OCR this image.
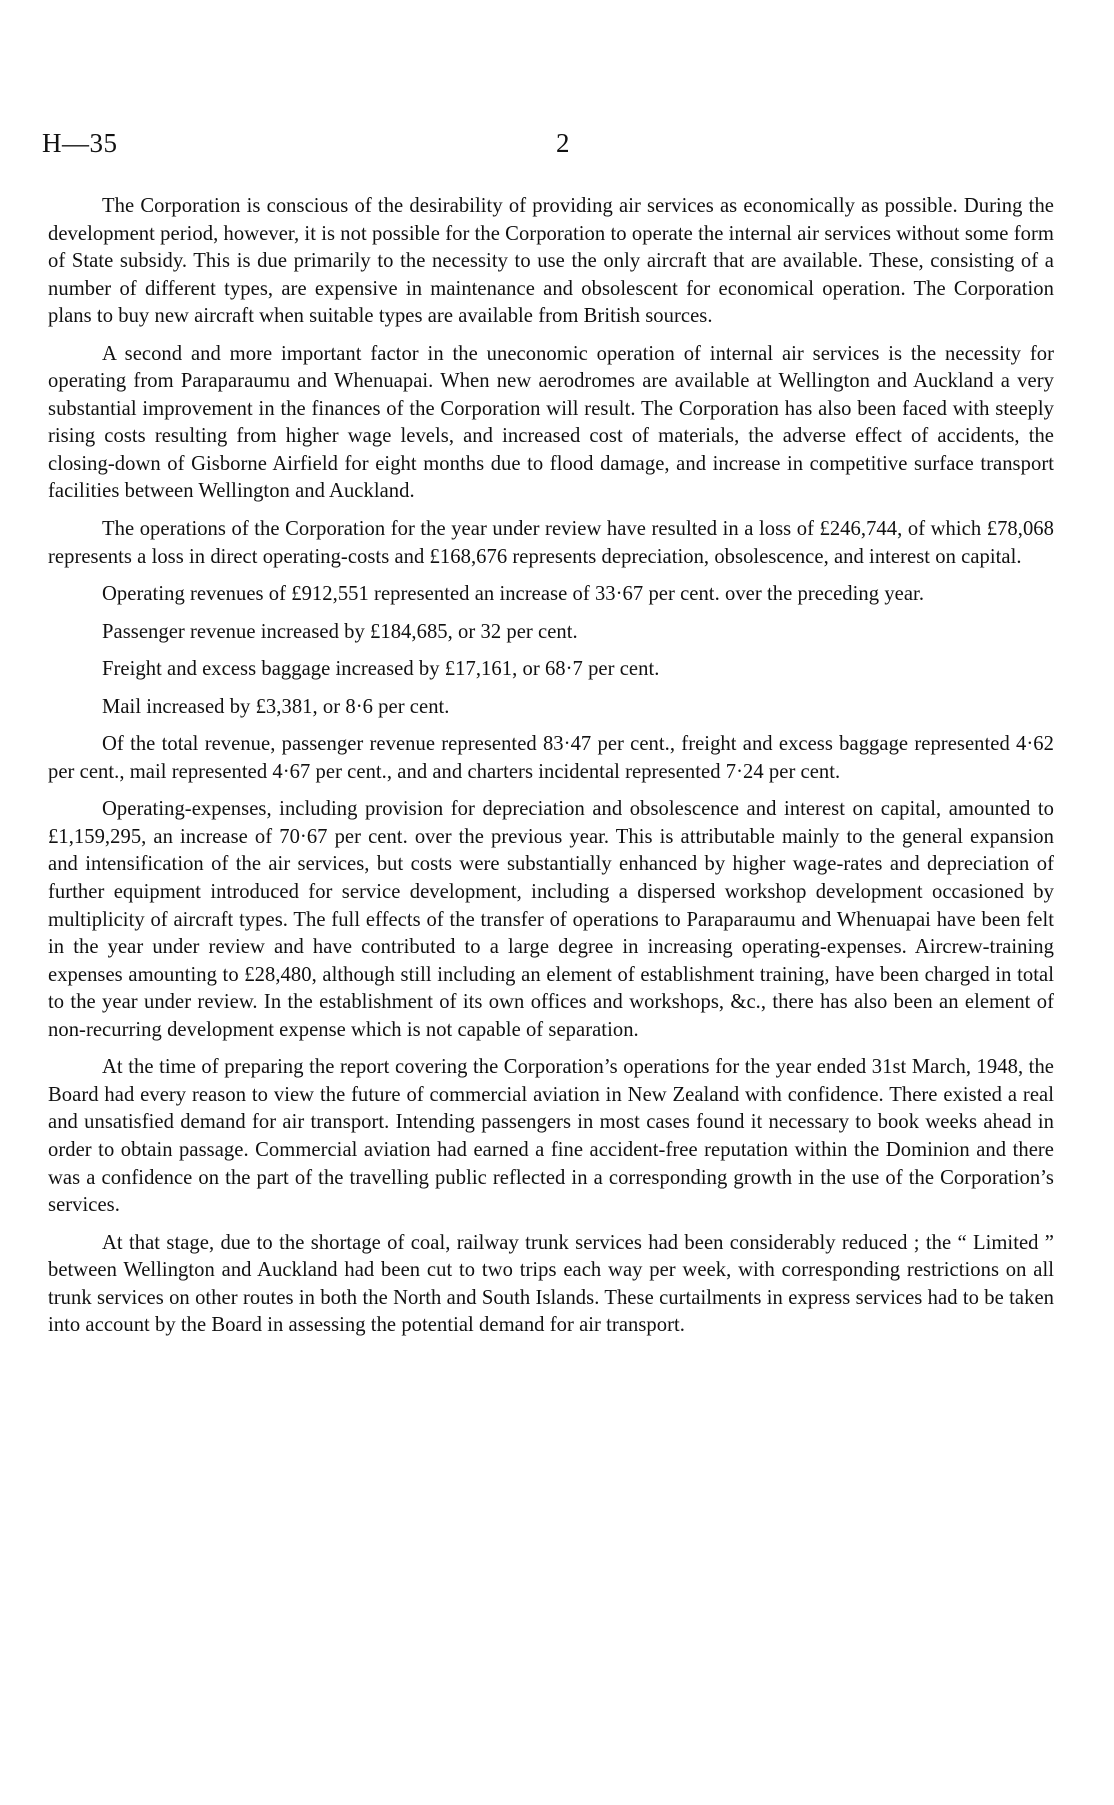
H—35	2

The Corporation is conscious of the desirability of providing air services as economically as possible. During the development period, however, it is not possible for the Corporation to operate the internal air services without some form of State subsidy. This is due primarily to the necessity to use the only aircraft that are available. These, consisting of a number of different types, are expensive in maintenance and obsolescent for economical operation. The Corporation plans to buy new aircraft when suitable types are available from British sources.

A second and more important factor in the uneconomic operation of internal air services is the necessity for operating from Paraparaumu and Whenuapai. When new aerodromes are available at Wellington and Auckland a very substantial improvement in the finances of the Corporation will result. The Corporation has also been faced with steeply rising costs resulting from higher wage levels, and increased cost of materials, the adverse effect of accidents, the closing-down of Gisborne Airfield for eight months due to flood damage, and increase in competitive surface transport facilities between Wellington and Auckland.

The operations of the Corporation for the year under review have resulted in a loss of £246,744, of which £78,068 represents a loss in direct operating-costs and £168,676 represents depreciation, obsolescence, and interest on capital.

Operating revenues of £912,551 represented an increase of 33·67 per cent. over the preceding year.

Passenger revenue increased by £184,685, or 32 per cent.

Freight and excess baggage increased by £17,161, or 68·7 per cent.

Mail increased by £3,381, or 8·6 per cent.

Of the total revenue, passenger revenue represented 83·47 per cent., freight and excess baggage represented 4·62 per cent., mail represented 4·67 per cent., and and charters incidental represented 7·24 per cent.

Operating-expenses, including provision for depreciation and obsolescence and interest on capital, amounted to £1,159,295, an increase of 70·67 per cent. over the previous year. This is attributable mainly to the general expansion and intensification of the air services, but costs were substantially enhanced by higher wage-rates and depreciation of further equipment introduced for service development, including a dispersed workshop development occasioned by multiplicity of aircraft types. The full effects of the transfer of operations to Paraparaumu and Whenuapai have been felt in the year under review and have contributed to a large degree in increasing operating-expenses. Aircrew-training expenses amounting to £28,480, although still including an element of establishment training, have been charged in total to the year under review. In the establishment of its own offices and workshops, &c., there has also been an element of non-recurring development expense which is not capable of separation.

At the time of preparing the report covering the Corporation’s operations for the year ended 31st March, 1948, the Board had every reason to view the future of commercial aviation in New Zealand with confidence. There existed a real and unsatisfied demand for air transport. Intending passengers in most cases found it necessary to book weeks ahead in order to obtain passage. Commercial aviation had earned a fine accident-free reputation within the Dominion and there was a confidence on the part of the travelling public reflected in a corresponding growth in the use of the Corporation’s services.

At that stage, due to the shortage of coal, railway trunk services had been considerably reduced ; the “ Limited ” between Wellington and Auckland had been cut to two trips each way per week, with corresponding restrictions on all trunk services on other routes in both the North and South Islands. These curtailments in express services had to be taken into account by the Board in assessing the potential demand for air transport.
